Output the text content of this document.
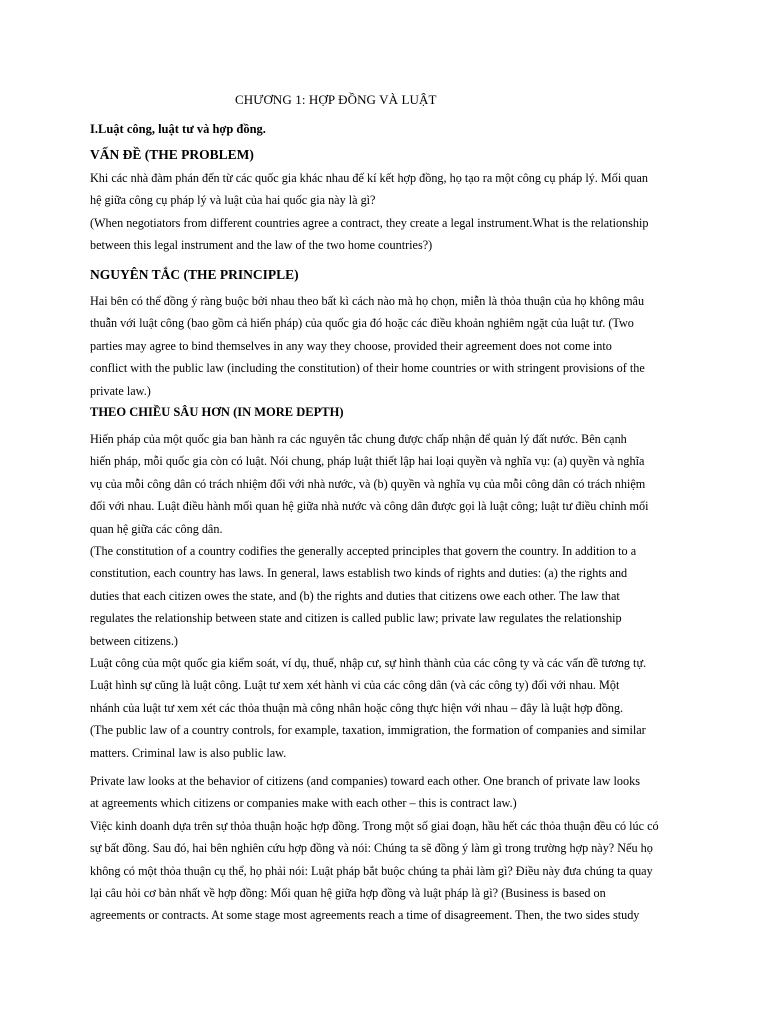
CHƯƠNG 1: HỢP ĐỒNG VÀ LUẬT
I.Luật công, luật tư và hợp đồng.
VẤN ĐỀ (THE PROBLEM)
Khi các nhà đàm phán đến từ các quốc gia khác nhau để kí kết hợp đồng, họ tạo ra một công cụ pháp lý. Mối quan
hệ giữa công cụ pháp lý và luật của hai quốc gia này là gì?
(When negotiators from different countries agree a contract, they create a legal instrument.What is the relationship
between this legal instrument and the law of the two home countries?)
NGUYÊN TẮC (THE PRINCIPLE)
Hai bên có thể đồng ý ràng buộc bởi nhau theo bất kì cách nào mà họ chọn, miễn là thỏa thuận của họ không mâu
thuẫn với luật công (bao gồm cả hiến pháp) của quốc gia đó hoặc các điều khoản nghiêm ngặt của luật tư. (Two
parties may agree to bind themselves in any way they choose, provided their agreement does not come into
conflict with the public law (including the constitution) of their home countries or with stringent provisions of the
private law.)
THEO CHIỀU SÂU HƠN (IN MORE DEPTH)
Hiến pháp của một quốc gia ban hành ra các nguyên tắc chung được chấp nhận để quản lý đất nước. Bên cạnh
hiến pháp, mỗi quốc gia còn có luật. Nói chung, pháp luật thiết lập hai loại quyền và nghĩa vụ: (a) quyền và nghĩa
vụ của mỗi công dân có trách nhiệm đối với nhà nước, và (b) quyền và nghĩa vụ của mỗi công dân có trách nhiệm
đối với nhau. Luật điều hành mối quan hệ giữa nhà nước và công dân được gọi là luật công; luật tư điều chỉnh mối
quan hệ giữa các công dân.
(The constitution of a country codifies the generally accepted principles that govern the country. In addition to a
constitution, each country has laws. In general, laws establish two kinds of rights and duties: (a) the rights and
duties that each citizen owes the state, and (b) the rights and duties that citizens owe each other. The law that
regulates the relationship between state and citizen is called public law; private law regulates the relationship
between citizens.)
Luật công của một quốc gia kiểm soát, ví dụ, thuế, nhập cư, sự hình thành của các công ty và các vấn đề tương tự.
Luật hình sự cũng là luật công. Luật tư xem xét hành vi của các công dân (và các công ty) đối với nhau. Một
nhánh của luật tư xem xét các thỏa thuận mà công nhân hoặc công thực hiện với nhau – đây là luật hợp đồng.
(The public law of a country controls, for example, taxation, immigration, the formation of companies and similar
matters. Criminal law is also public law.
Private law looks at the behavior of citizens (and companies) toward each other. One branch of private law looks
at agreements which citizens or companies make with each other – this is contract law.)
Việc kinh doanh dựa trên sự thỏa thuận hoặc hợp đồng. Trong một số giai đoạn, hầu hết các thỏa thuận đều có lúc có
sự bất đồng. Sau đó, hai bên nghiên cứu hợp đồng và nói: Chúng ta sẽ đồng ý làm gì trong trường hợp này? Nếu họ
không có một thỏa thuận cụ thể, họ phải nói: Luật pháp bắt buộc chúng ta phải làm gì? Điều này đưa chúng ta quay
lại câu hỏi cơ bản nhất về hợp đồng: Mối quan hệ giữa hợp đồng và luật pháp là gì? (Business is based on
agreements or contracts. At some stage most agreements reach a time of disagreement. Then, the two sides study
